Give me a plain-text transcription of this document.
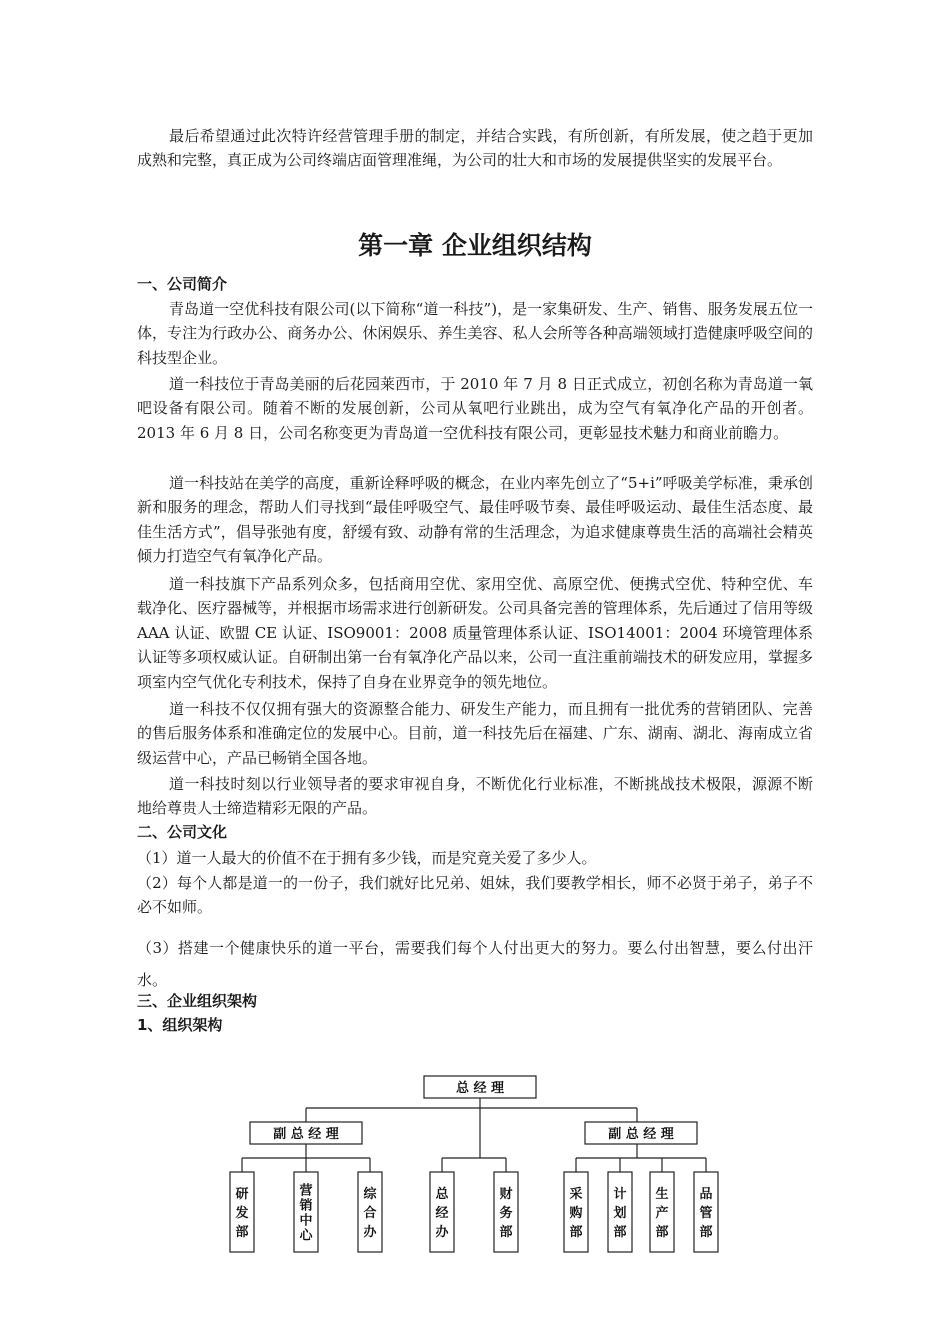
最后希望通过此次特许经营管理手册的制定，并结合实践，有所创新，有所发展，使之趋于更加成熟和完整，真正成为公司终端店面管理准绳，为公司的壮大和市场的发展提供坚实的发展平台。

第一章 企业组织结构
一、公司简介

青岛道一空优科技有限公司(以下简称“道一科技”)，是一家集研发、生产、销售、服务发展五位一体，专注为行政办公、商务办公、休闲娱乐、养生美容、私人会所等各种高端领域打造健康呼吸空间的科技型企业。

道一科技位于青岛美丽的后花园莱西市，于 2010 年 7 月 8 日正式成立，初创名称为青岛道一氧吧设备有限公司。随着不断的发展创新，公司从氧吧行业跳出，成为空气有氧净化产品的开创者。2013 年 6 月 8 日，公司名称变更为青岛道一空优科技有限公司，更彰显技术魅力和商业前瞻力。

道一科技站在美学的高度，重新诠释呼吸的概念，在业内率先创立了“5+i”呼吸美学标准，秉承创新和服务的理念，帮助人们寻找到“最佳呼吸空气、最佳呼吸节奏、最佳呼吸运动、最佳生活态度、最佳生活方式”，倡导张弛有度，舒缓有致、动静有常的生活理念，为追求健康尊贵生活的高端社会精英倾力打造空气有氧净化产品。

道一科技旗下产品系列众多，包括商用空优、家用空优、高原空优、便携式空优、特种空优、车载净化、医疗器械等，并根据市场需求进行创新研发。公司具备完善的管理体系，先后通过了信用等级 AAA 认证、欧盟 CE 认证、ISO9001：2008 质量管理体系认证、ISO14001：2004 环境管理体系认证等多项权威认证。自研制出第一台有氧净化产品以来，公司一直注重前端技术的研发应用，掌握多项室内空气优化专利技术，保持了自身在业界竞争的领先地位。

道一科技不仅仅拥有强大的资源整合能力、研发生产能力，而且拥有一批优秀的营销团队、完善的售后服务体系和准确定位的发展中心。目前，道一科技先后在福建、广东、湖南、湖北、海南成立省级运营中心，产品已畅销全国各地。

道一科技时刻以行业领导者的要求审视自身，不断优化行业标准，不断挑战技术极限，源源不断地给尊贵人士缔造精彩无限的产品。

二、公司文化

（1）道一人最大的价值不在于拥有多少钱，而是究竟关爱了多少人。

（2）每个人都是道一的一份子，我们就好比兄弟、姐妹，我们要教学相长，师不必贤于弟子，弟子不必不如师。

（3）搭建一个健康快乐的道一平台，需要我们每个人付出更大的努力。要么付出智慧，要么付出汗水。

三、企业组织架构
1、组织架构
总 经 理
副 总 经 理	副 总 经 理
研发部
营销中心
综合办
总经办
财务部
采购部
计划部
生产部
品管部
